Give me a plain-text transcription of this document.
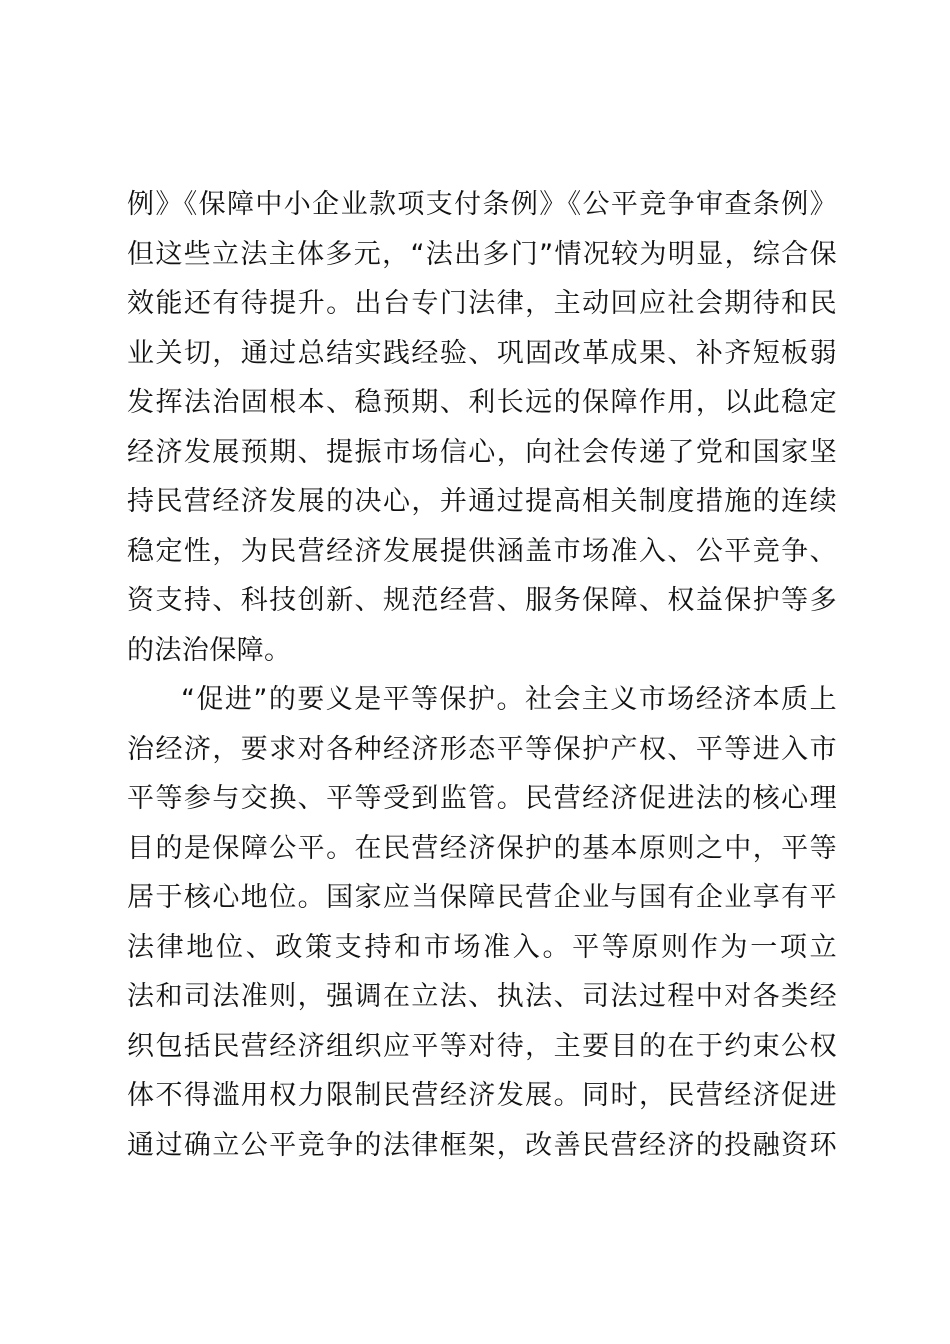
例》《保障中小企业款项支付条例》《公平竞争审查条例》
但这些立法主体多元，“法出多门”情况较为明显，综合保
效能还有待提升。出台专门法律，主动回应社会期待和民
业关切，通过总结实践经验、巩固改革成果、补齐短板弱
发挥法治固根本、稳预期、利长远的保障作用，以此稳定
经济发展预期、提振市场信心，向社会传递了党和国家坚
持民营经济发展的决心，并通过提高相关制度措施的连续
稳定性，为民营经济发展提供涵盖市场准入、公平竞争、
资支持、科技创新、规范经营、服务保障、权益保护等多
的法治保障。
“促进”的要义是平等保护。社会主义市场经济本质上
治经济，要求对各种经济形态平等保护产权、平等进入市
平等参与交换、平等受到监管。民营经济促进法的核心理
目的是保障公平。在民营经济保护的基本原则之中，平等
居于核心地位。国家应当保障民营企业与国有企业享有平
法律地位、政策支持和市场准入。平等原则作为一项立
法和司法准则，强调在立法、执法、司法过程中对各类经
织包括民营经济组织应平等对待，主要目的在于约束公权
体不得滥用权力限制民营经济发展。同时，民营经济促进
通过确立公平竞争的法律框架，改善民营经济的投融资环
